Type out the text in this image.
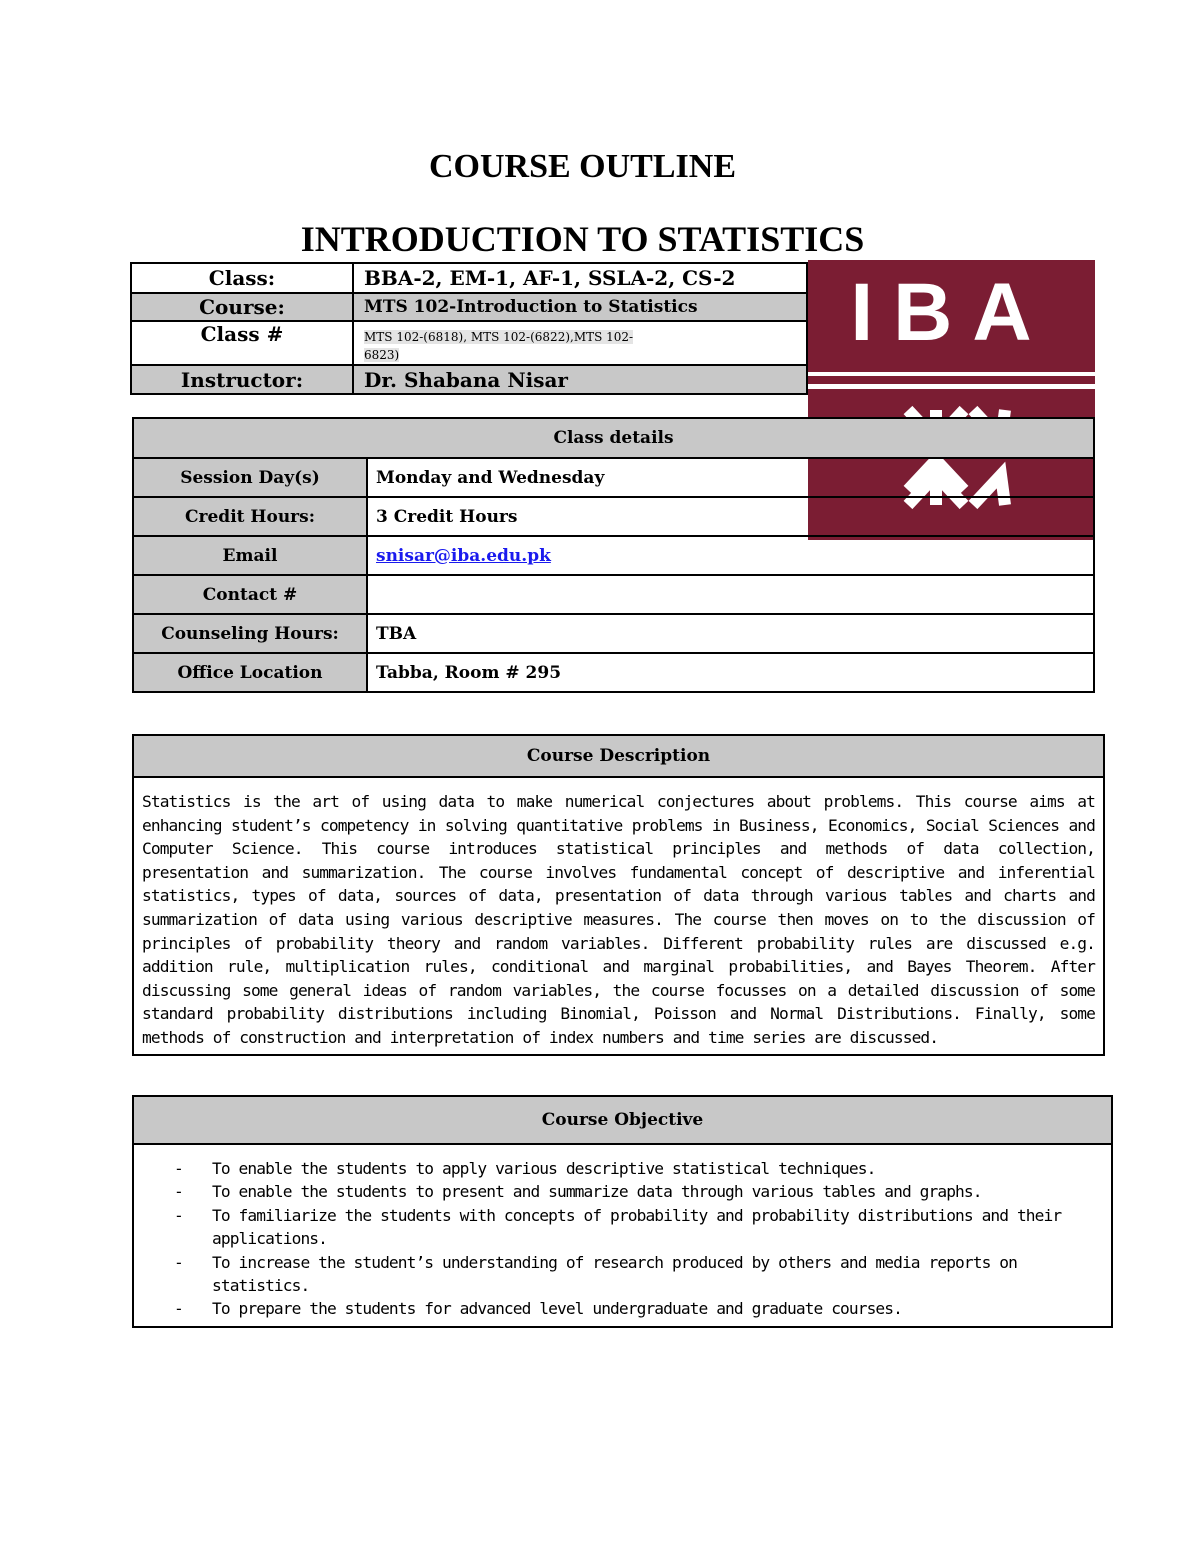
COURSE OUTLINE
INTRODUCTION TO STATISTICS
Class:	BBA-2, EM-1, AF-1, SSLA-2, CS-2
Course:	MTS 102-Introduction to Statistics
Class #	MTS 102-(6818), MTS 102-(6822),MTS 102-
6823)
Instructor:	Dr. Shabana Nisar
IBA
Class details	
Session Day(s)	Monday and Wednesday
Credit Hours:	3 Credit Hours
Email	snisar@iba.edu.pk
Contact #	
Counseling Hours:	TBA
Office Location	Tabba, Room # 295
Course Description

Statistics is the art of using data to make numerical conjectures about problems. This course aims at enhancing student’s competency in solving quantitative problems in Business, Economics, Social Sciences and Computer Science. This course introduces statistical principles and methods of data collection, presentation and summarization. The course involves fundamental concept of descriptive and inferential statistics, types of data, sources of data, presentation of data through various tables and charts and summarization of data using various descriptive measures. The course then moves on to the discussion of principles of probability theory and random variables. Different probability rules are discussed e.g. addition rule, multiplication rules, conditional and marginal probabilities, and Bayes Theorem. After discussing some general ideas of random variables, the course focusses on a detailed discussion of some standard probability distributions including Binomial, Poisson and Normal Distributions. Finally, some methods of construction and interpretation of index numbers and time series are discussed.

Course Objective
- To enable the students to apply various descriptive statistical techniques.
- To enable the students to present and summarize data through various tables and graphs.
- To familiarize the students with concepts of probability and probability distributions and their applications.
- To increase the student’s understanding of research produced by others and media reports on statistics.
- To prepare the students for advanced level undergraduate and graduate courses.
